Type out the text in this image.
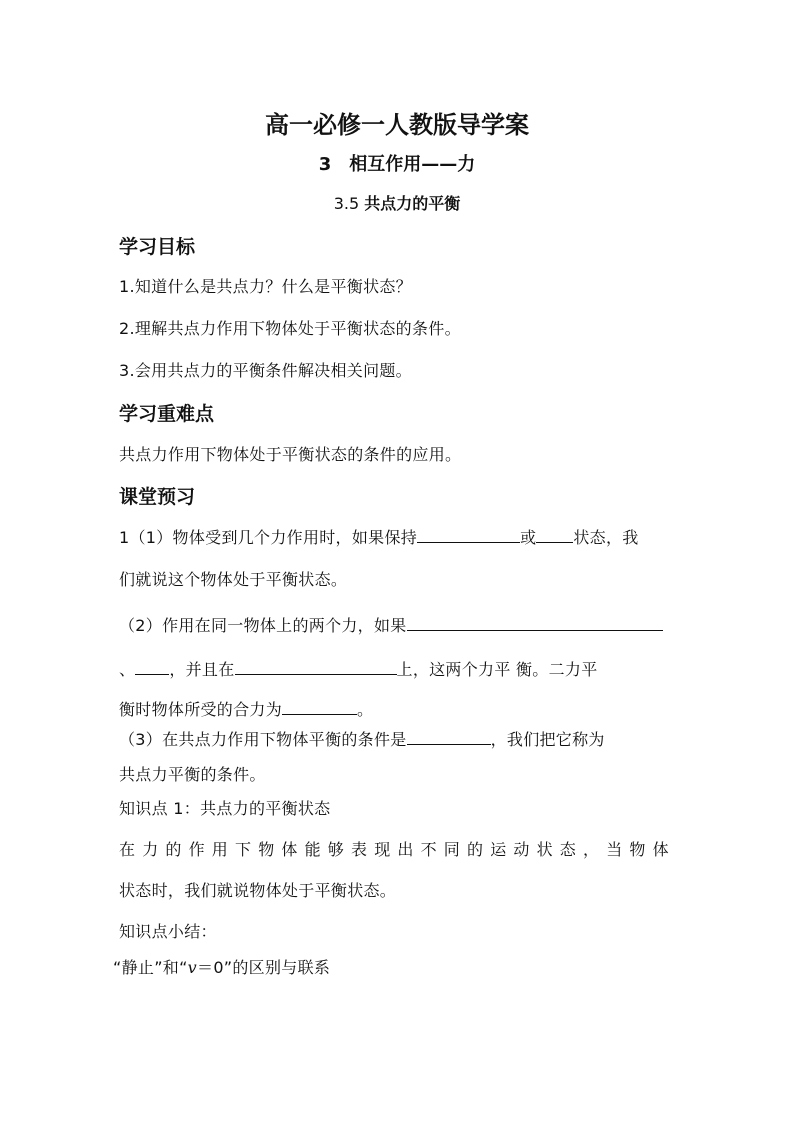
高一必修一人教版导学案
3　相互作用——力
3.5 共点力的平衡
学习目标
1.知道什么是共点力？什么是平衡状态？
2.理解共点力作用下物体处于平衡状态的条件。
3.会用共点力的平衡条件解决相关问题。
学习重难点
共点力作用下物体处于平衡状态的条件的应用。
课堂预习
1（1）物体受到几个力作用时，如果保持	或 状态，我
们就说这个物体处于平衡状态。
（2）作用在同一物体上的两个力，如果
、 ，并且在	上，这两个力平 衡。二力平
衡时物体所受的合力为	。
（3）在共点力作用下物体平衡的条件是	，我们把它称为
共点力平衡的条件。
知识点 1：共点力的平衡状态
在力的作用下物体能够表现出不同的运动状态，当物体
状态时，我们就说物体处于平衡状态。
知识点小结：
“静止”和“v＝0”的区别与联系
